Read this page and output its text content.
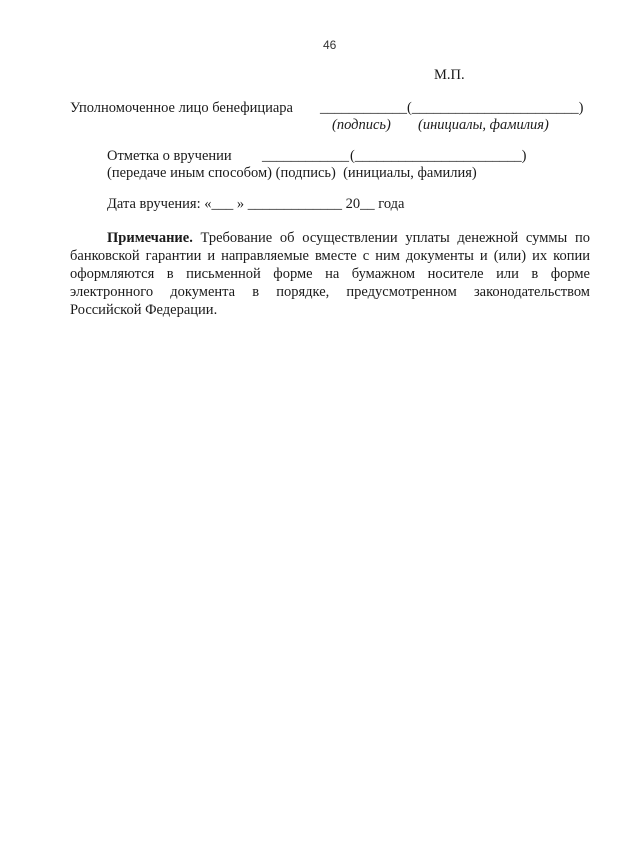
46
М.П.
Уполномоченное лицо бенефициара ____________ (_______________________)
(подпись) (инициалы, фамилия)
Отметка о вручении ____________ (_______________________)
(передаче иным способом) (подпись)  (инициалы, фамилия)
Дата вручения: «___ » _____________ 20__ года
Примечание. Требование об осуществлении уплаты денежной суммы по банковской гарантии и направляемые вместе с ним документы и (или) их копии оформляются в письменной форме на бумажном носителе или в форме электронного документа в порядке, предусмотренном законодательством Российской Федерации.
